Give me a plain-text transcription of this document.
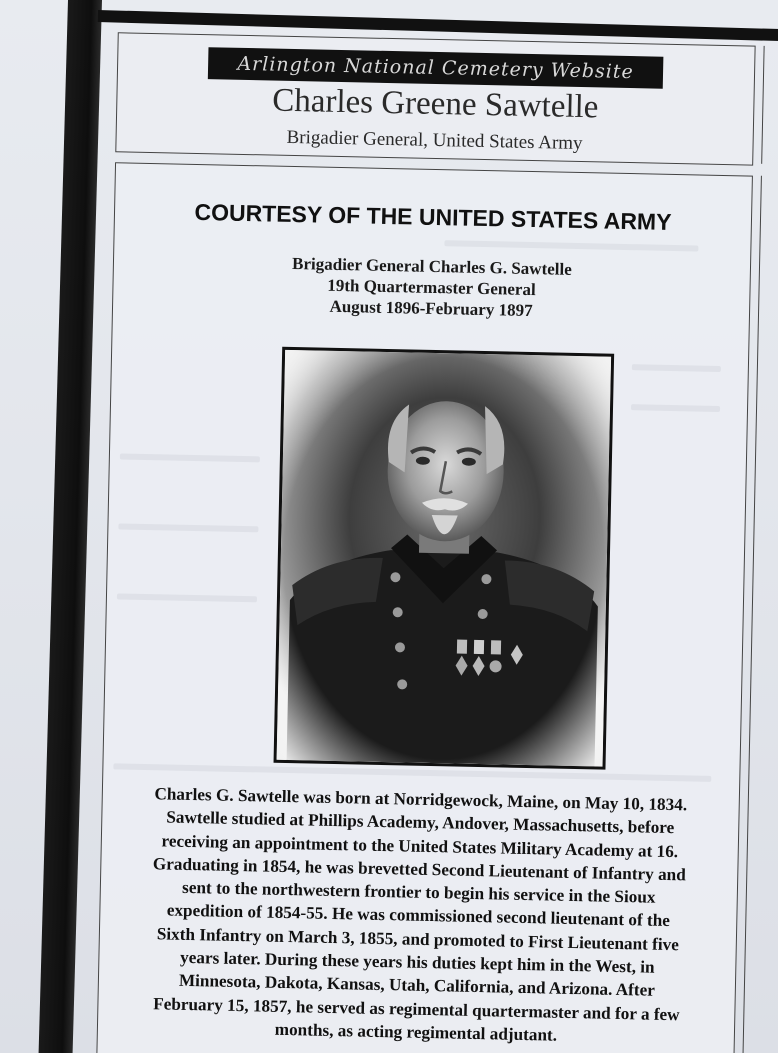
Arlington National Cemetery Website
Charles Greene Sawtelle
Brigadier General, United States Army
COURTESY OF THE UNITED STATES ARMY
Brigadier General Charles G. Sawtelle
19th Quartermaster General
August 1896-February 1897
Charles G. Sawtelle was born at Norridgewock, Maine, on May 10, 1834.
Sawtelle studied at Phillips Academy, Andover, Massachusetts, before
receiving an appointment to the United States Military Academy at 16.
Graduating in 1854, he was brevetted Second Lieutenant of Infantry and
sent to the northwestern frontier to begin his service in the Sioux
expedition of 1854-55. He was commissioned second lieutenant of the
Sixth Infantry on March 3, 1855, and promoted to First Lieutenant five
years later. During these years his duties kept him in the West, in
Minnesota, Dakota, Kansas, Utah, California, and Arizona. After
February 15, 1857, he served as regimental quartermaster and for a few
months, as acting regimental adjutant.
